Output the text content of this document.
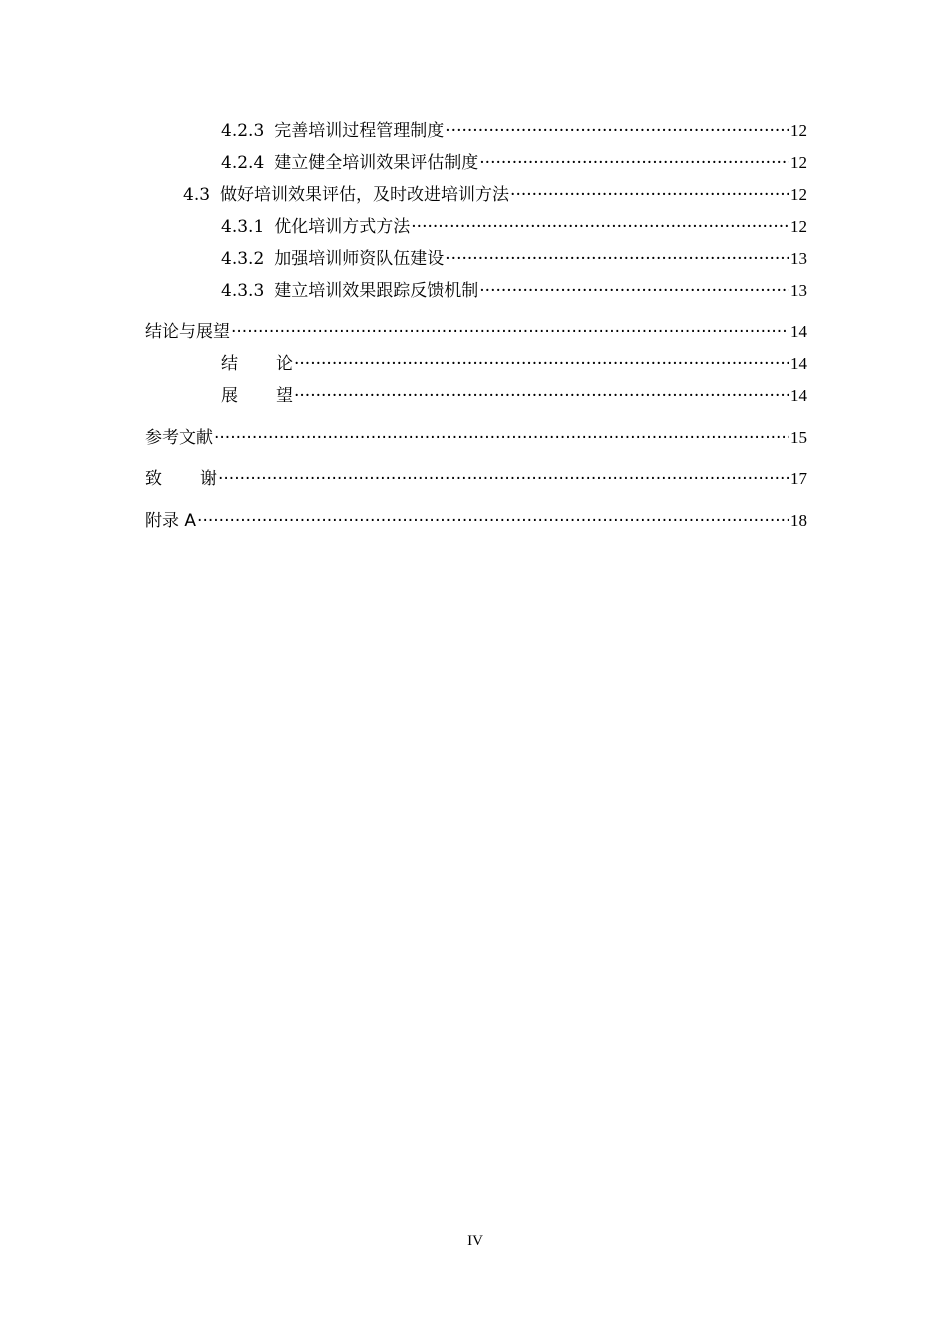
4.2.3 完善培训过程管理制度 ·····	12
4.2.4 建立健全培训效果评估制度 ·····	12
4.3 做好培训效果评估，及时改进培训方法 ·····	12
4.3.1 优化培训方式方法 ·····	12
4.3.2 加强培训师资队伍建设 ·····	13
4.3.3 建立培训效果跟踪反馈机制 ·····	13
结论与展望 ·····	14
结论 ·····	14
展望 ·····	14
参考文献 ·····	15
致谢 ·····	17
附录 A ·····	18
IV
